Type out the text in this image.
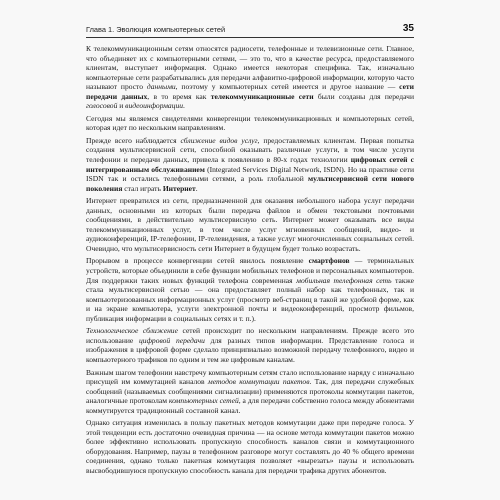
Глава 1. Эволюция компьютерных сетей	35

К телекоммуникационным сетям относятся радиосети, телефонные и телевизионные сети. Главное, что объединяет их с компьютерными сетями, — это то, что в качестве ресурса, предоставляемого клиентам, выступает информация. Однако имеется некоторая специфика. Так, изначально компьютерные сети разрабатывались для передачи алфавитно-цифровой информации, которую часто называют просто данными, поэтому у компьютерных сетей имеется и другое название — сети передачи данных, в то время как телекоммуникационные сети были созданы для передачи голосовой и видеоинформации.

Сегодня мы являемся свидетелями конвергенции телекоммуникационных и компьютерных сетей, которая идет по нескольким направлениям.

Прежде всего наблюдается сближение видов услуг, предоставляемых клиентам. Первая попытка создания мультисервисной сети, способной оказывать различные услуги, в том числе услуги телефонии и передачи данных, привела к появлению в 80-х годах технологии цифровых сетей с интегрированным обслуживанием (Integrated Services Digital Network, ISDN). Но на практике сети ISDN так и остались телефонными сетями, а роль глобальной мультисервисной сети нового поколения стал играть Интернет.

Интернет превратился из сети, предназначенной для оказания небольшого набора услуг передачи данных, основными из которых были передача файлов и обмен текстовыми почтовыми сообщениями, в действительно мультисервисную сеть. Интернет может оказывать все виды телекоммуникационных услуг, в том числе услуг мгновенных сообщений, видео- и аудиоконференций, IP-телефонии, IP-телевидения, а также услуг многочисленных социальных сетей. Очевидно, что мультисервисность сети Интернет в будущем будет только возрастать.

Прорывом в процессе конвергенции сетей явилось появление смартфонов — терминальных устройств, которые объединили в себе функции мобильных телефонов и персональных компьютеров. Для поддержки таких новых функций телефона современная мобильная телефонная сеть также стала мультисервисной сетью — она предоставляет полный набор как телефонных, так и компьютеризованных информационных услуг (просмотр веб-страниц в такой же удобной форме, как и на экране компьютера, услуги электронной почты и видеоконференций, просмотр фильмов, публикация информации в социальных сетях и т. п.).

Технологическое сближение сетей происходит по нескольким направлениям. Прежде всего это использование цифровой передачи для разных типов информации. Представление голоса и изображения в цифровой форме сделало принципиально возможной передачу телефонного, видео и компьютерного трафиков по одним и тем же цифровым каналам.

Важным шагом телефонии навстречу компьютерным сетям стало использование наряду с изначально присущей им коммутацией каналов методов коммутации пакетов. Так, для передачи служебных сообщений (называемых сообщениями сигнализации) применяются протоколы коммутации пакетов, аналогичные протоколам компьютерных сетей, а для передачи собственно голоса между абонентами коммутируется традиционный составной канал.

Однако ситуация изменилась в пользу пакетных методов коммутации даже при передаче голоса. У этой тенденции есть достаточно очевидная причина — на основе метода коммутации пакетов можно более эффективно использовать пропускную способность каналов связи и коммутационного оборудования. Например, паузы в телефонном разговоре могут составлять до 40 % общего времени соединения, однако только пакетная коммутация позволяет «вырезать» паузы и использовать высвободившуюся пропускную способность канала для передачи трафика других абонентов.
